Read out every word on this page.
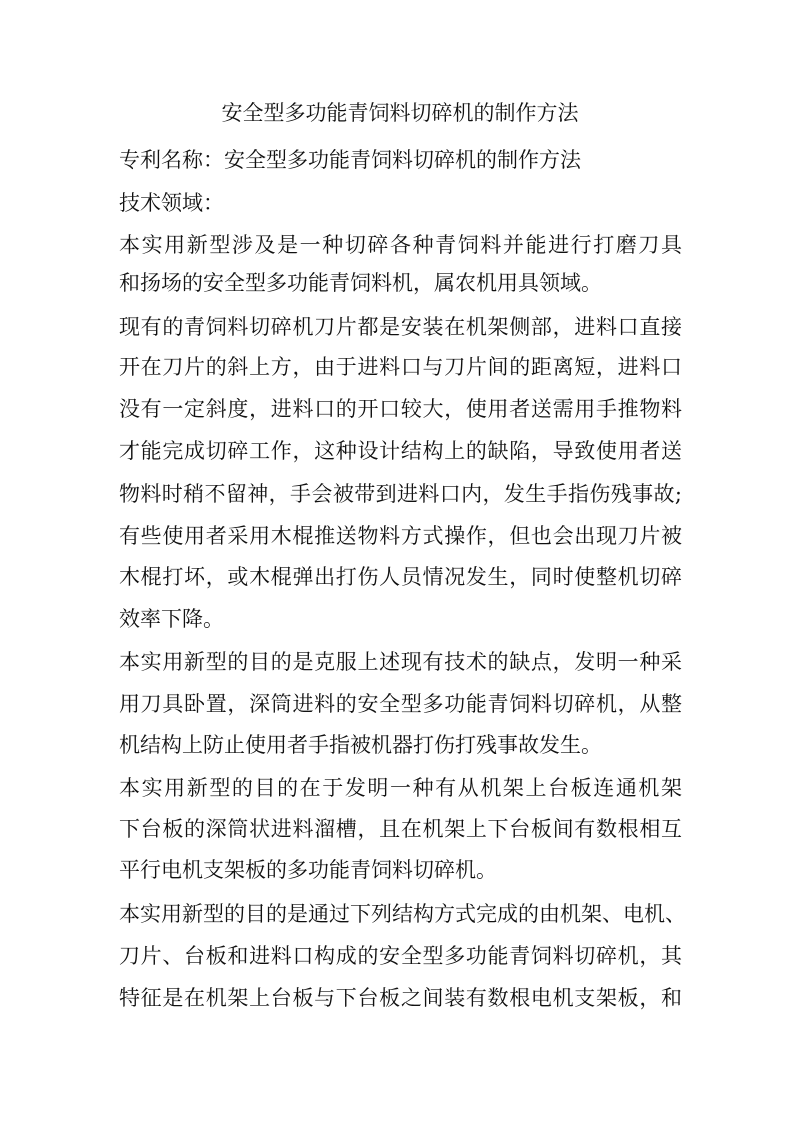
安全型多功能青饲料切碎机的制作方法

专利名称：安全型多功能青饲料切碎机的制作方法

技术领域：

本实用新型涉及是一种切碎各种青饲料并能进行打磨刀具

和扬场的安全型多功能青饲料机，属农机用具领域。

现有的青饲料切碎机刀片都是安装在机架侧部，进料口直接

开在刀片的斜上方，由于进料口与刀片间的距离短，进料口

没有一定斜度，进料口的开口较大，使用者送需用手推物料

才能完成切碎工作，这种设计结构上的缺陷，导致使用者送

物料时稍不留神，手会被带到进料口内，发生手指伤残事故;

有些使用者采用木棍推送物料方式操作，但也会出现刀片被

木棍打坏，或木棍弹出打伤人员情况发生，同时使整机切碎

效率下降。

本实用新型的目的是克服上述现有技术的缺点，发明一种采

用刀具卧置，深筒进料的安全型多功能青饲料切碎机，从整

机结构上防止使用者手指被机器打伤打残事故发生。

本实用新型的目的在于发明一种有从机架上台板连通机架

下台板的深筒状进料溜槽，且在机架上下台板间有数根相互

平行电机支架板的多功能青饲料切碎机。

本实用新型的目的是通过下列结构方式完成的由机架、电机、

刀片、台板和进料口构成的安全型多功能青饲料切碎机，其

特征是在机架上台板与下台板之间装有数根电机支架板，和
